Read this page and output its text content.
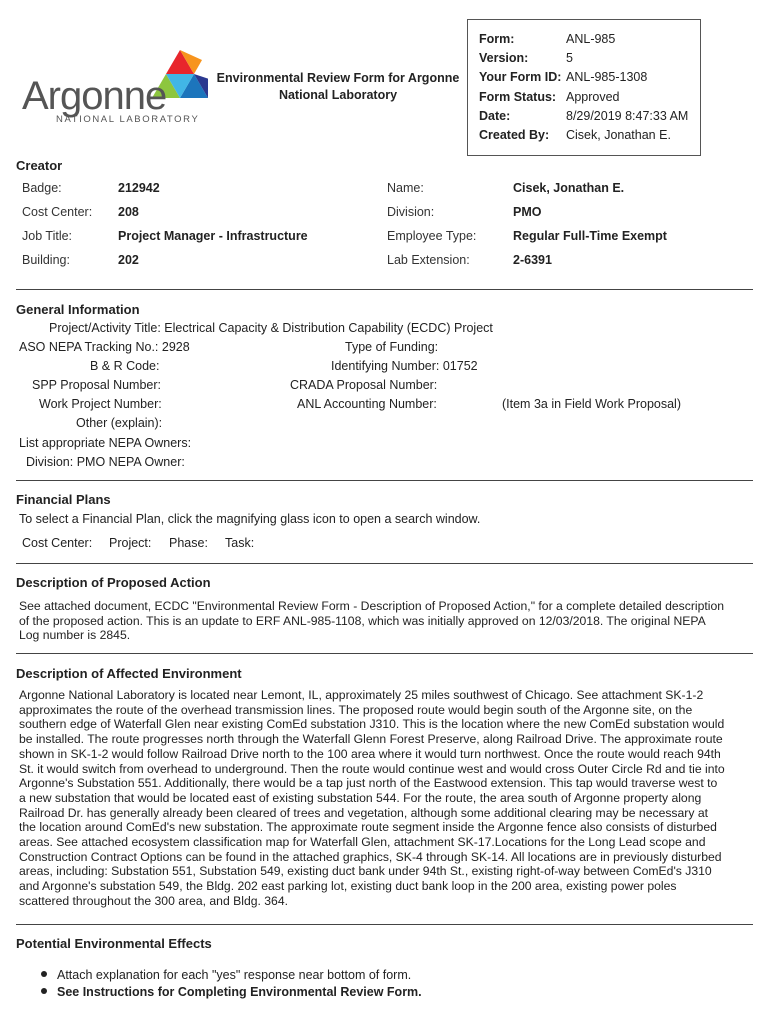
Argonne
NATIONAL LABORATORY
Environmental Review Form for Argonne
National Laboratory
Form:	ANL-985
Version:	5
Your Form ID: ANL-985-1308
Form Status: Approved
Date:	8/29/2019 8:47:33 AM
Created By: Cisek, Jonathan E.
Creator
Badge:	212942	Name:	Cisek, Jonathan E.
Cost Center: 208	Division:	PMO
Job Title:	Project Manager - Infrastructure	Employee Type:	Regular Full-Time Exempt
Building:	202	Lab Extension:	2-6391
General Information
Project/Activity Title: Electrical Capacity & Distribution Capability (ECDC) Project
ASO NEPA Tracking No.: 2928	Type of Funding:
B & R Code:	Identifying Number: 01752
SPP Proposal Number:	CRADA Proposal Number:
Work Project Number:	ANL Accounting Number:	(Item 3a in Field Work Proposal)
Other (explain):
List appropriate NEPA Owners:
Division: PMO NEPA Owner:
Financial Plans
To select a Financial Plan, click the magnifying glass icon to open a search window.
Cost Center: Project: Phase: Task:
Description of Proposed Action
See attached document, ECDC "Environmental Review Form - Description of Proposed Action," for a complete detailed description
of the proposed action. This is an update to ERF ANL-985-1108, which was initially approved on 12/03/2018. The original NEPA
Log number is 2845.
Description of Affected Environment
Argonne National Laboratory is located near Lemont, IL, approximately 25 miles southwest of Chicago. See attachment SK-1-2
approximates the route of the overhead transmission lines. The proposed route would begin south of the Argonne site, on the
southern edge of Waterfall Glen near existing ComEd substation J310. This is the location where the new ComEd substation would
be installed. The route progresses north through the Waterfall Glenn Forest Preserve, along Railroad Drive. The approximate route
shown in SK-1-2 would follow Railroad Drive north to the 100 area where it would turn northwest. Once the route would reach 94th
St. it would switch from overhead to underground. Then the route would continue west and would cross Outer Circle Rd and tie into
Argonne's Substation 551. Additionally, there would be a tap just north of the Eastwood extension. This tap would traverse west to
a new substation that would be located east of existing substation 544. For the route, the area south of Argonne property along
Railroad Dr. has generally already been cleared of trees and vegetation, although some additional clearing may be necessary at
the location around ComEd's new substation. The approximate route segment inside the Argonne fence also consists of disturbed
areas. See attached ecosystem classification map for Waterfall Glen, attachment SK-17.Locations for the Long Lead scope and
Construction Contract Options can be found in the attached graphics, SK-4 through SK-14. All locations are in previously disturbed
areas, including: Substation 551, Substation 549, existing duct bank under 94th St., existing right-of-way between ComEd's J310
and Argonne's substation 549, the Bldg. 202 east parking lot, existing duct bank loop in the 200 area, existing power poles
scattered throughout the 300 area, and Bldg. 364.
Potential Environmental Effects
Attach explanation for each "yes" response near bottom of form.
See Instructions for Completing Environmental Review Form.
